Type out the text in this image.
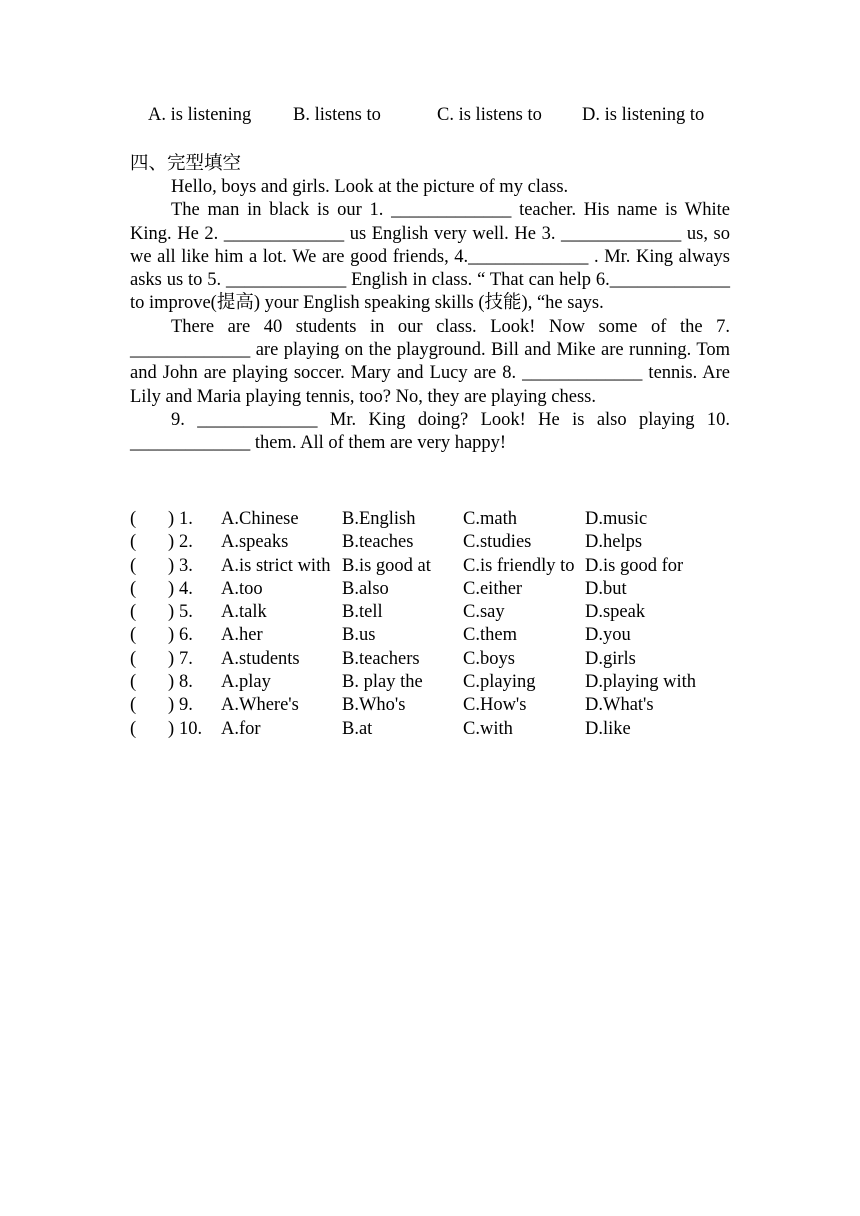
A. is listening B. listens to	C. is listens to D. is listening to
四、完型填空

Hello, boys and girls. Look at the picture of my class.

The man in black is our 1. _____________ teacher. His name is White King. He 2. _____________ us English very well. He 3. _____________ us, so we all like him a lot. We are good friends, 4._____________ . Mr. King always asks us to 5. _____________ English in class. “ That can help 6._____________ to improve(提高) your English speaking skills (技能), “he says.

There are 40 students in our class. Look! Now some of the 7. _____________ are playing on the playground. Bill and Mike are running. Tom and John are playing soccer. Mary and Lucy are 8. _____________ tennis. Are Lily and Maria playing tennis, too? No, they are playing chess.

9. _____________ Mr. King doing? Look! He is also playing 10. _____________ them. All of them are very happy!

( ) 1. A.Chinese B.English	C.math	D.music
( ) 2. A.speaks	B.teaches	C.studies	D.helps
( ) 3. A.is strict with B.is good at C.is friendly to D.is good for
( ) 4. A.too	B.also	C.either	D.but
( ) 5. A.talk	B.tell	C.say	D.speak
( ) 6. A.her	B.us	C.them	D.you
( ) 7. A.students B.teachers C.boys	D.girls
( ) 8. A.play	B. play the C.playing	D.playing with
( ) 9. A.Where's B.Who's	C.How's	D.What's
( ) 10. A.for	B.at	C.with	D.like
